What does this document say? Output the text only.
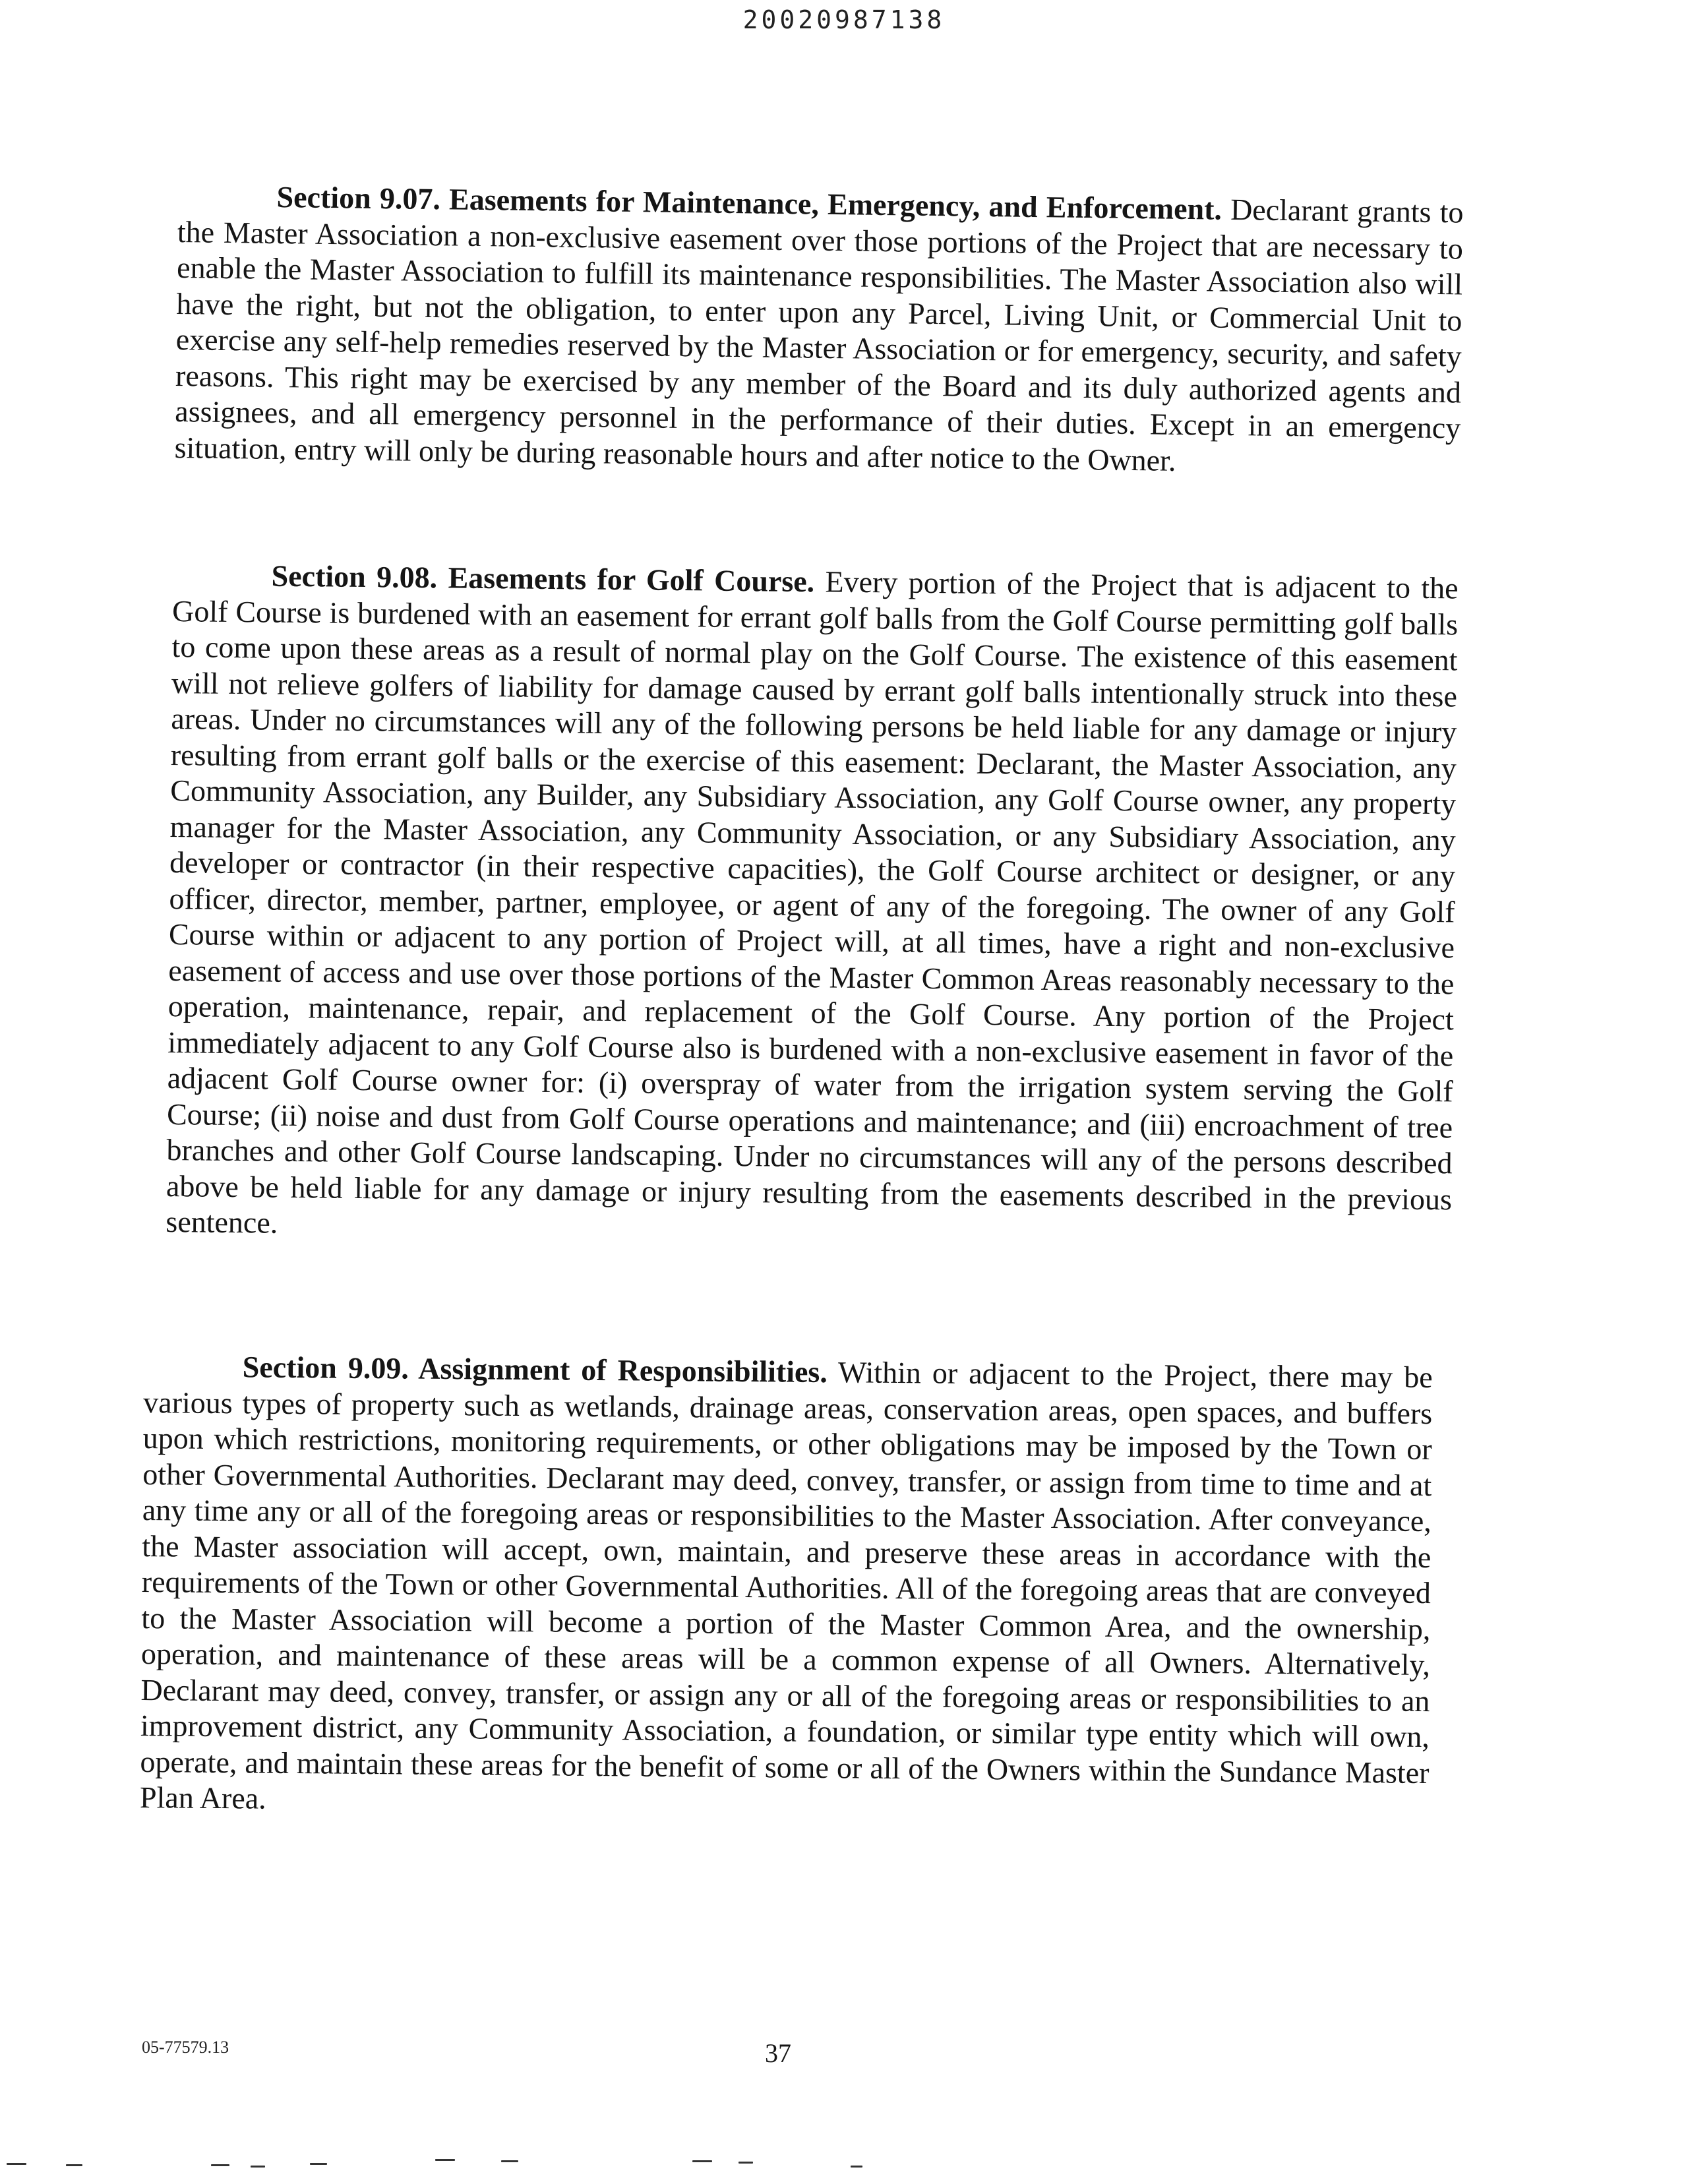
20020987138

Section 9.07. Easements for Maintenance, Emergency, and Enforcement. Declarant grants to the Master Association a non-exclusive easement over those portions of the Project that are necessary to enable the Master Association to fulfill its maintenance responsibilities. The Master Association also will have the right, but not the obligation, to enter upon any Parcel, Living Unit, or Commercial Unit to exercise any self-help remedies reserved by the Master Association or for emergency, security, and safety reasons. This right may be exercised by any member of the Board and its duly authorized agents and assignees, and all emergency personnel in the performance of their duties. Except in an emergency situation, entry will only be during reasonable hours and after notice to the Owner.

Section 9.08. Easements for Golf Course. Every portion of the Project that is adjacent to the Golf Course is burdened with an easement for errant golf balls from the Golf Course permitting golf balls to come upon these areas as a result of normal play on the Golf Course. The existence of this easement will not relieve golfers of liability for damage caused by errant golf balls intentionally struck into these areas. Under no circumstances will any of the following persons be held liable for any damage or injury resulting from errant golf balls or the exercise of this easement: Declarant, the Master Association, any Community Association, any Builder, any Subsidiary Association, any Golf Course owner, any property manager for the Master Association, any Community Association, or any Subsidiary Association, any developer or contractor (in their respective capacities), the Golf Course architect or designer, or any officer, director, member, partner, employee, or agent of any of the foregoing. The owner of any Golf Course within or adjacent to any portion of Project will, at all times, have a right and non-exclusive easement of access and use over those portions of the Master Common Areas reasonably necessary to the operation, maintenance, repair, and replacement of the Golf Course. Any portion of the Project immediately adjacent to any Golf Course also is burdened with a non-exclusive easement in favor of the adjacent Golf Course owner for: (i) overspray of water from the irrigation system serving the Golf Course; (ii) noise and dust from Golf Course operations and maintenance; and (iii) encroachment of tree branches and other Golf Course landscaping. Under no circumstances will any of the persons described above be held liable for any damage or injury resulting from the easements described in the previous sentence.

Section 9.09. Assignment of Responsibilities. Within or adjacent to the Project, there may be various types of property such as wetlands, drainage areas, conservation areas, open spaces, and buffers upon which restrictions, monitoring requirements, or other obligations may be imposed by the Town or other Governmental Authorities. Declarant may deed, convey, transfer, or assign from time to time and at any time any or all of the foregoing areas or responsibilities to the Master Association. After conveyance, the Master association will accept, own, maintain, and preserve these areas in accordance with the requirements of the Town or other Governmental Authorities. All of the foregoing areas that are conveyed to the Master Association will become a portion of the Master Common Area, and the ownership, operation, and maintenance of these areas will be a common expense of all Owners. Alternatively, Declarant may deed, convey, transfer, or assign any or all of the foregoing areas or responsibilities to an improvement district, any Community Association, a foundation, or similar type entity which will own, operate, and maintain these areas for the benefit of some or all of the Owners within the Sundance Master Plan Area.

05-77579.13	37
